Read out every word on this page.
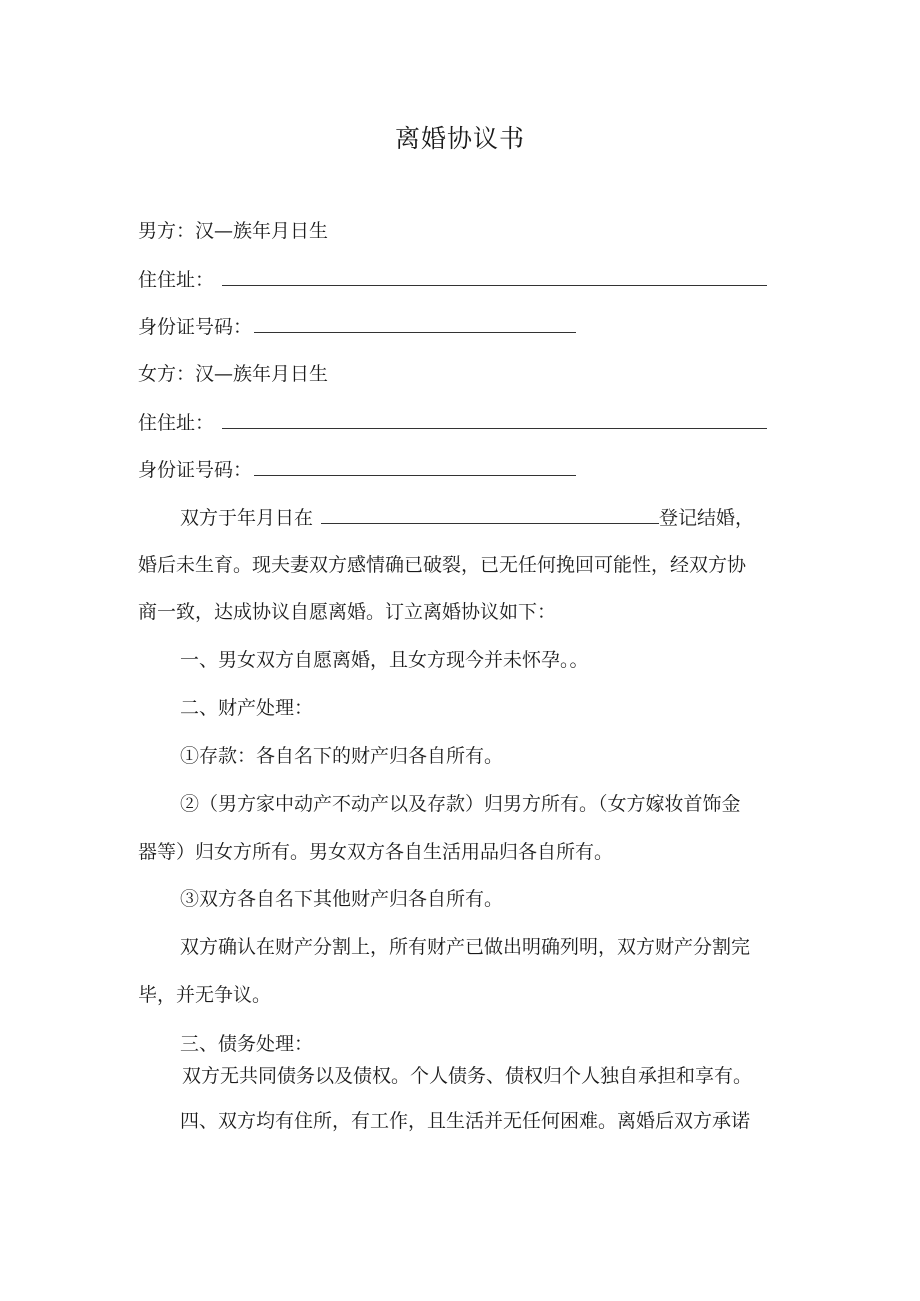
离婚协议书
男方：汉—族年月日生
住住址：
身份证号码：
女方：汉—族年月日生
住住址：
身份证号码：
双方于年月日在	登记结婚，
婚后未生育。现夫妻双方感情确已破裂，已无任何挽回可能性，经双方协
商一致，达成协议自愿离婚。订立离婚协议如下：
一、男女双方自愿离婚，且女方现今并未怀孕。。
二、财产处理：
①存款：各自名下的财产归各自所有。
②（男方家中动产不动产以及存款）归男方所有。（女方嫁妆首饰金
器等）归女方所有。男女双方各自生活用品归各自所有。
③双方各自名下其他财产归各自所有。
双方确认在财产分割上，所有财产已做出明确列明，双方财产分割完
毕，并无争议。
三、债务处理：
双方无共同债务以及债权。个人债务、债权归个人独自承担和享有。
四、双方均有住所，有工作，且生活并无任何困难。离婚后双方承诺
